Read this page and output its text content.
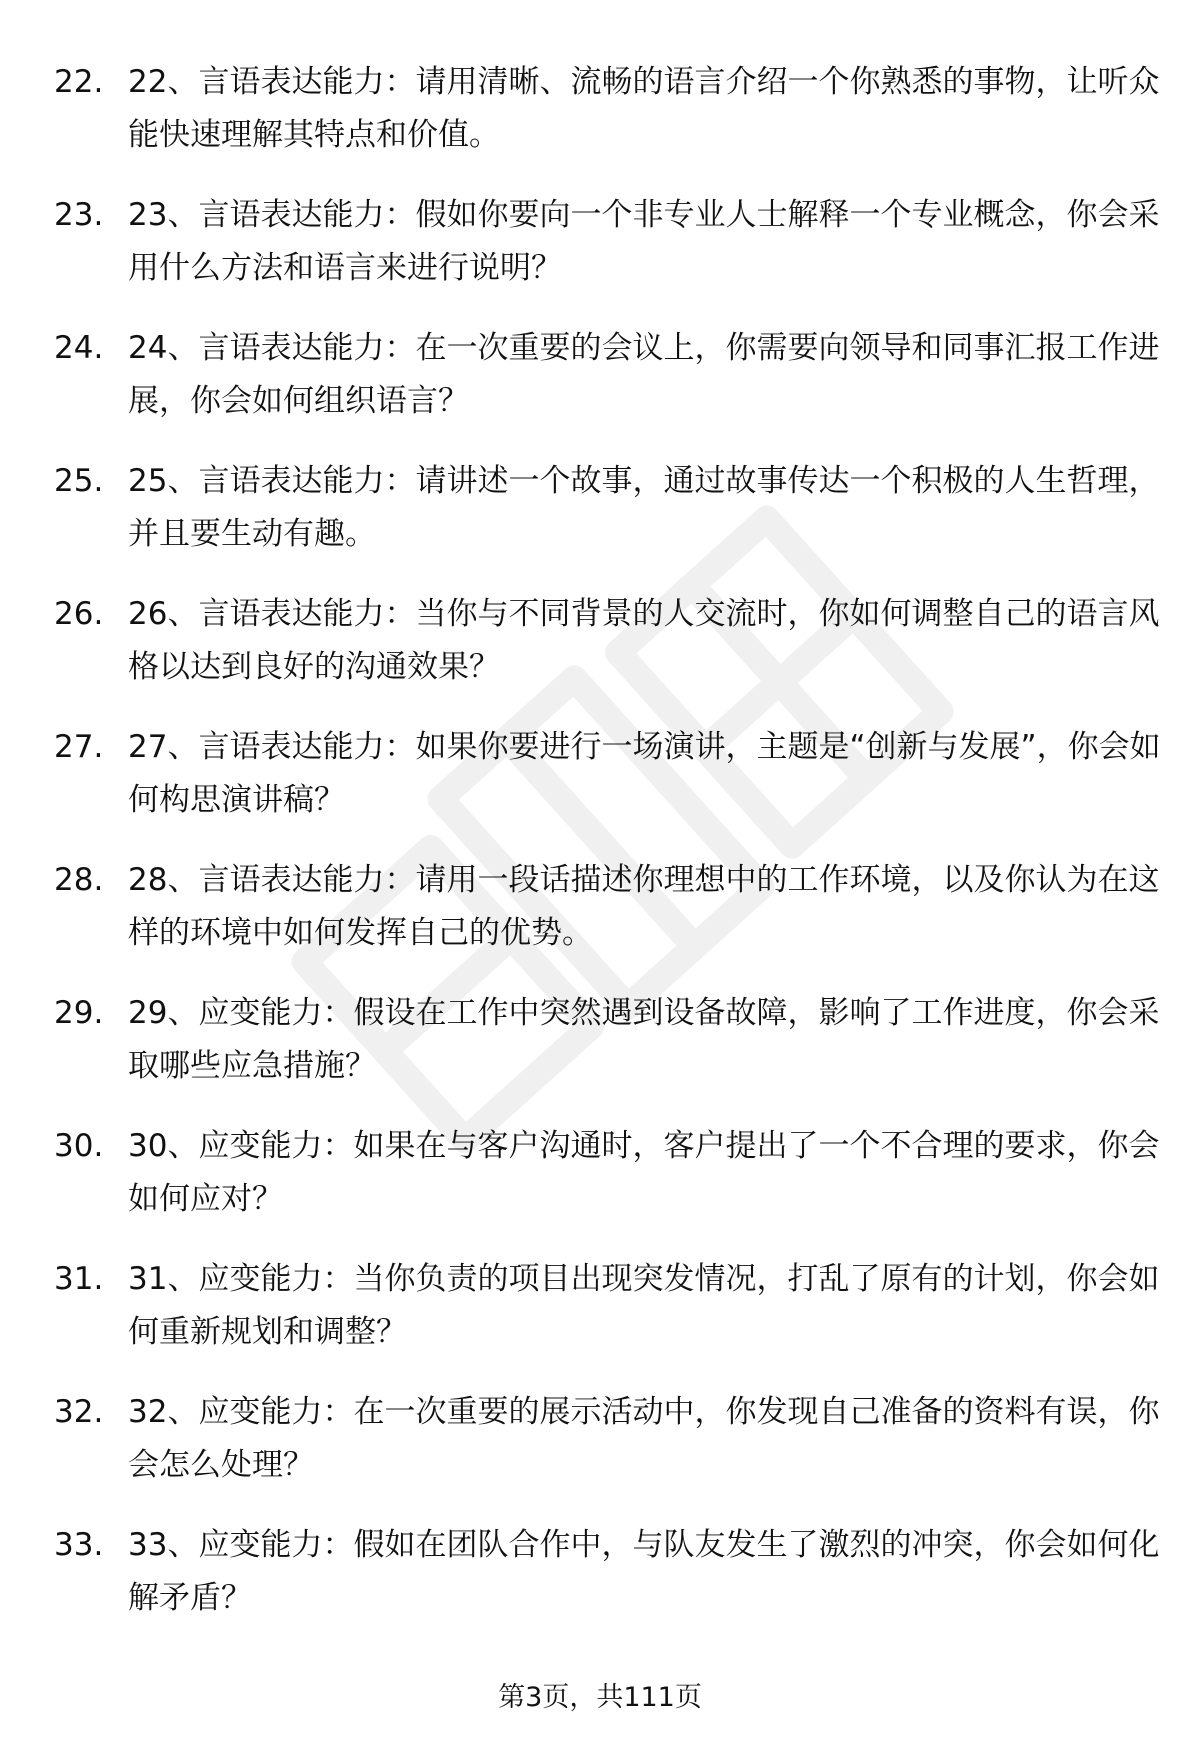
22. 22、言语表达能力：请用清晰、流畅的语言介绍一个你熟悉的事物，让听众能快速理解其特点和价值。
23. 23、言语表达能力：假如你要向一个非专业人士解释一个专业概念，你会采用什么方法和语言来进行说明？
24. 24、言语表达能力：在一次重要的会议上，你需要向领导和同事汇报工作进展，你会如何组织语言？
25. 25、言语表达能力：请讲述一个故事，通过故事传达一个积极的人生哲理，并且要生动有趣。
26. 26、言语表达能力：当你与不同背景的人交流时，你如何调整自己的语言风格以达到良好的沟通效果？
27. 27、言语表达能力：如果你要进行一场演讲，主题是“创新与发展”，你会如何构思演讲稿？
28. 28、言语表达能力：请用一段话描述你理想中的工作环境，以及你认为在这样的环境中如何发挥自己的优势。
29. 29、应变能力：假设在工作中突然遇到设备故障，影响了工作进度，你会采取哪些应急措施？
30. 30、应变能力：如果在与客户沟通时，客户提出了一个不合理的要求，你会如何应对？
31. 31、应变能力：当你负责的项目出现突发情况，打乱了原有的计划，你会如何重新规划和调整？
32. 32、应变能力：在一次重要的展示活动中，你发现自己准备的资料有误，你会怎么处理？
33. 33、应变能力：假如在团队合作中，与队友发生了激烈的冲突，你会如何化解矛盾？
第3页，共111页
